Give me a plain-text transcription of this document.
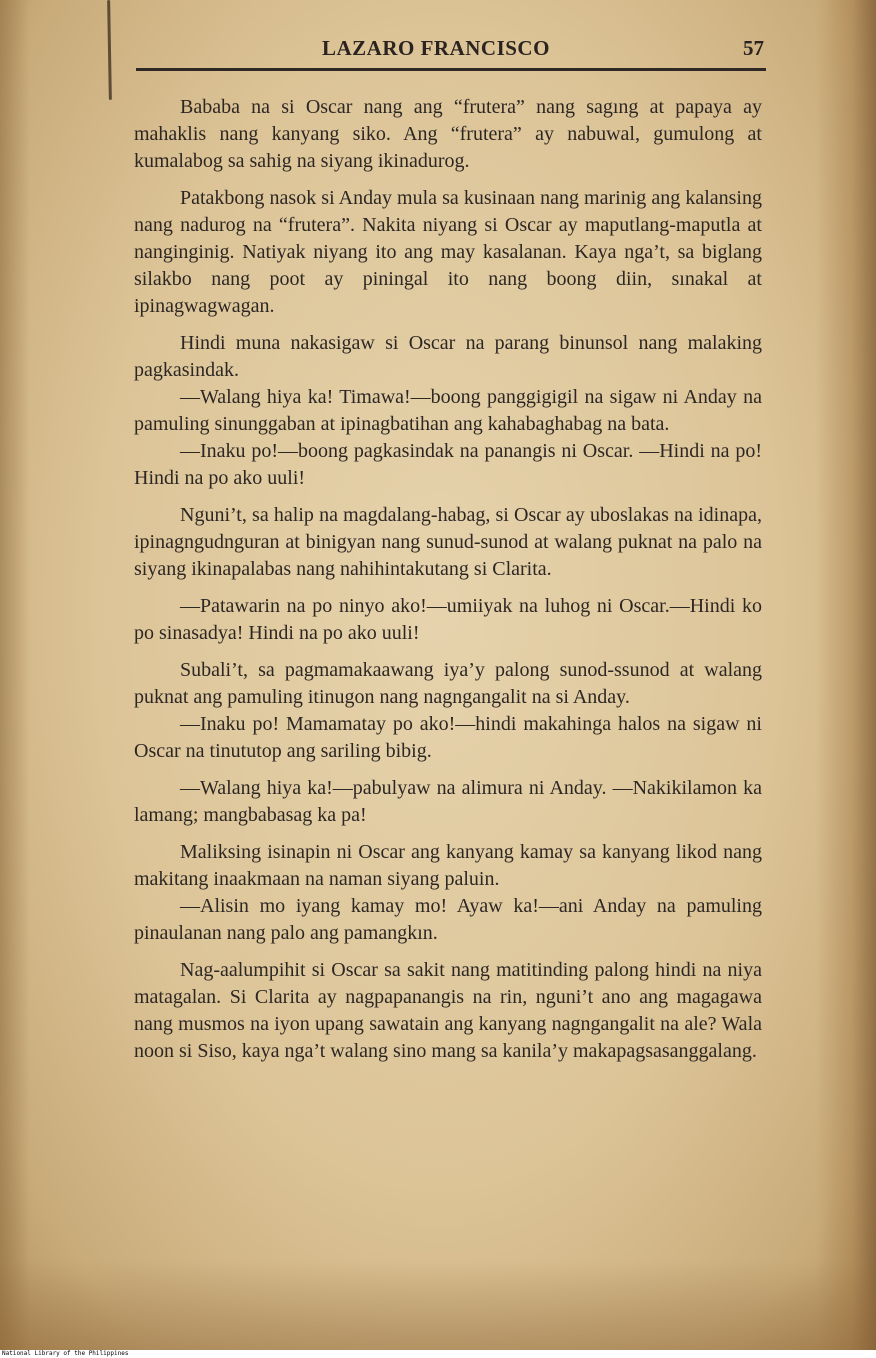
LAZARO FRANCISCO	57

Bababa na si Oscar nang ang “frutera” nang sagıng at papaya ay mahaklis nang kanyang siko. Ang “frutera” ay nabuwal, gumulong at kumalabog sa sahig na siyang ikinadurog.

Patakbong nasok si Anday mula sa kusinaan nang marinig ang kalansing nang nadurog na “frutera”. Nakita niyang si Oscar ay maputlang-maputla at nanginginig. Natiyak niyang ito ang may kasalanan. Kaya nga’t, sa biglang silakbo nang poot ay piningal ito nang boong diin, sınakal at ipinagwagwagan.

Hindi muna nakasigaw si Oscar na parang binunsol nang malaking pagkasindak.

—Walang hiya ka! Timawa!—boong panggigigil na sigaw ni Anday na pamuling sinunggaban at ipinagbatihan ang kahabaghabag na bata.

—Inaku po!—boong pagkasindak na panangis ni Oscar. —Hindi na po! Hindi na po ako uuli!

Nguni’t, sa halip na magdalang-habag, si Oscar ay uboslakas na idinapa, ipinagngudnguran at binigyan nang sunud-sunod at walang puknat na palo na siyang ikinapalabas nang nahihintakutang si Clarita.

—Patawarin na po ninyo ako!—umiiyak na luhog ni Oscar.—Hindi ko po sinasadya! Hindi na po ako uuli!

Subali’t, sa pagmamakaawang iya’y palong sunod-ssunod at walang puknat ang pamuling itinugon nang nagngangalit na si Anday.

—Inaku po! Mamamatay po ako!—hindi makahinga halos na sigaw ni Oscar na tinututop ang sariling bibig.

—Walang hiya ka!—pabulyaw na alimura ni Anday. —Nakikilamon ka lamang; mangbabasag ka pa!

Maliksing isinapin ni Oscar ang kanyang kamay sa kanyang likod nang makitang inaakmaan na naman siyang paluin.

—Alisin mo iyang kamay mo! Ayaw ka!—ani Anday na pamuling pinaulanan nang palo ang pamangkın.

Nag-aalumpihit si Oscar sa sakit nang matitinding palong hindi na niya matagalan. Si Clarita ay nagpapanangis na rin, nguni’t ano ang magagawa nang musmos na iyon upang sawatain ang kanyang nagngangalit na ale? Wala noon si Siso, kaya nga’t walang sino mang sa kanila’y makapagsasanggalang.

National Library of the Philippines
